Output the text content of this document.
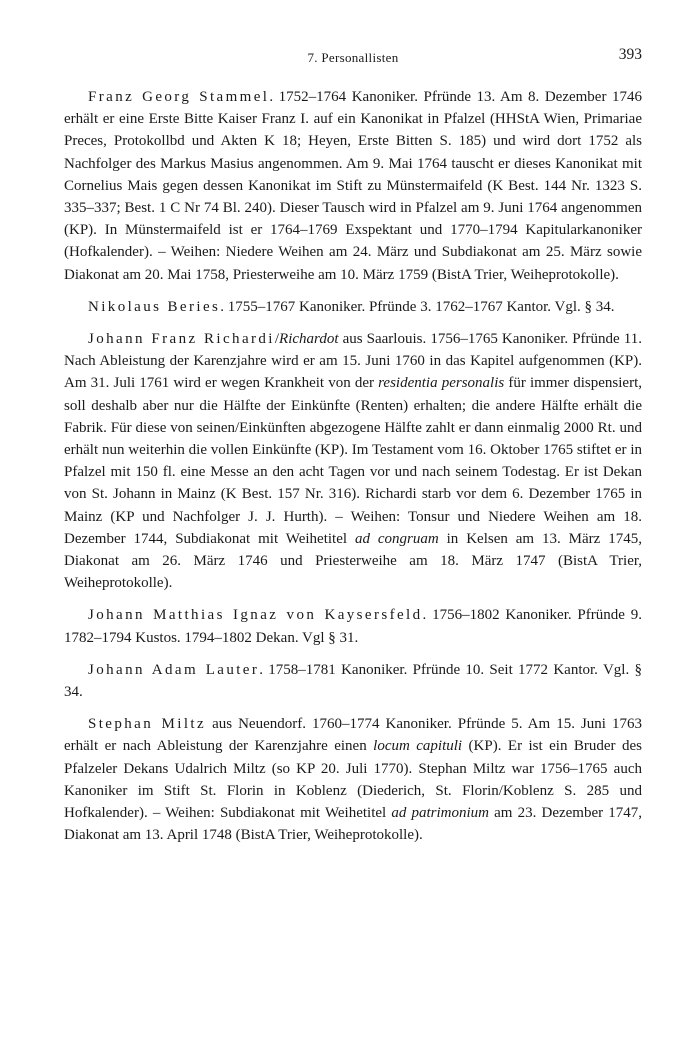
7. Personallisten	393

Franz Georg Stammel. 1752–1764 Kanoniker. Pfründe 13. Am 8. Dezember 1746 erhält er eine Erste Bitte Kaiser Franz I. auf ein Kanonikat in Pfalzel (HHStA Wien, Primariae Preces, Protokollbd und Akten K 18; Heyen, Erste Bitten S. 185) und wird dort 1752 als Nachfolger des Markus Masius angenommen. Am 9. Mai 1764 tauscht er dieses Kanonikat mit Cornelius Mais gegen dessen Kanonikat im Stift zu Münstermaifeld (K Best. 144 Nr. 1323 S. 335–337; Best. 1 C Nr 74 Bl. 240). Dieser Tausch wird in Pfalzel am 9. Juni 1764 angenommen (KP). In Münstermaifeld ist er 1764–1769 Exspektant und 1770–1794 Kapitularkanoniker (Hofkalender). – Weihen: Niedere Weihen am 24. März und Subdiakonat am 25. März sowie Diakonat am 20. Mai 1758, Priesterweihe am 10. März 1759 (BistA Trier, Weiheprotokolle).

Nikolaus Beries. 1755–1767 Kanoniker. Pfründe 3. 1762–1767 Kantor. Vgl. § 34.

Johann Franz Richardi/Richardot aus Saarlouis. 1756–1765 Kanoniker. Pfründe 11. Nach Ableistung der Karenzjahre wird er am 15. Juni 1760 in das Kapitel aufgenommen (KP). Am 31. Juli 1761 wird er wegen Krankheit von der residentia personalis für immer dispensiert, soll deshalb aber nur die Hälfte der Einkünfte (Renten) erhalten; die andere Hälfte erhält die Fabrik. Für diese von seinen/Einkünften abgezogene Hälfte zahlt er dann einmalig 2000 Rt. und erhält nun weiterhin die vollen Einkünfte (KP). Im Testament vom 16. Oktober 1765 stiftet er in Pfalzel mit 150 fl. eine Messe an den acht Tagen vor und nach seinem Todestag. Er ist Dekan von St. Johann in Mainz (K Best. 157 Nr. 316). Richardi starb vor dem 6. Dezember 1765 in Mainz (KP und Nachfolger J. J. Hurth). – Weihen: Tonsur und Niedere Weihen am 18. Dezember 1744, Subdiakonat mit Weihetitel ad congruam in Kelsen am 13. März 1745, Diakonat am 26. März 1746 und Priesterweihe am 18. März 1747 (BistA Trier, Weiheprotokolle).

Johann Matthias Ignaz von Kaysersfeld. 1756–1802 Kanoniker. Pfründe 9. 1782–1794 Kustos. 1794–1802 Dekan. Vgl § 31.

Johann Adam Lauter. 1758–1781 Kanoniker. Pfründe 10. Seit 1772 Kantor. Vgl. § 34.

Stephan Miltz aus Neuendorf. 1760–1774 Kanoniker. Pfründe 5. Am 15. Juni 1763 erhält er nach Ableistung der Karenzjahre einen locum capituli (KP). Er ist ein Bruder des Pfalzeler Dekans Udalrich Miltz (so KP 20. Juli 1770). Stephan Miltz war 1756–1765 auch Kanoniker im Stift St. Florin in Koblenz (Diederich, St. Florin/Koblenz S. 285 und Hofkalender). – Weihen: Subdiakonat mit Weihetitel ad patrimonium am 23. Dezember 1747, Diakonat am 13. April 1748 (BistA Trier, Weiheprotokolle).
